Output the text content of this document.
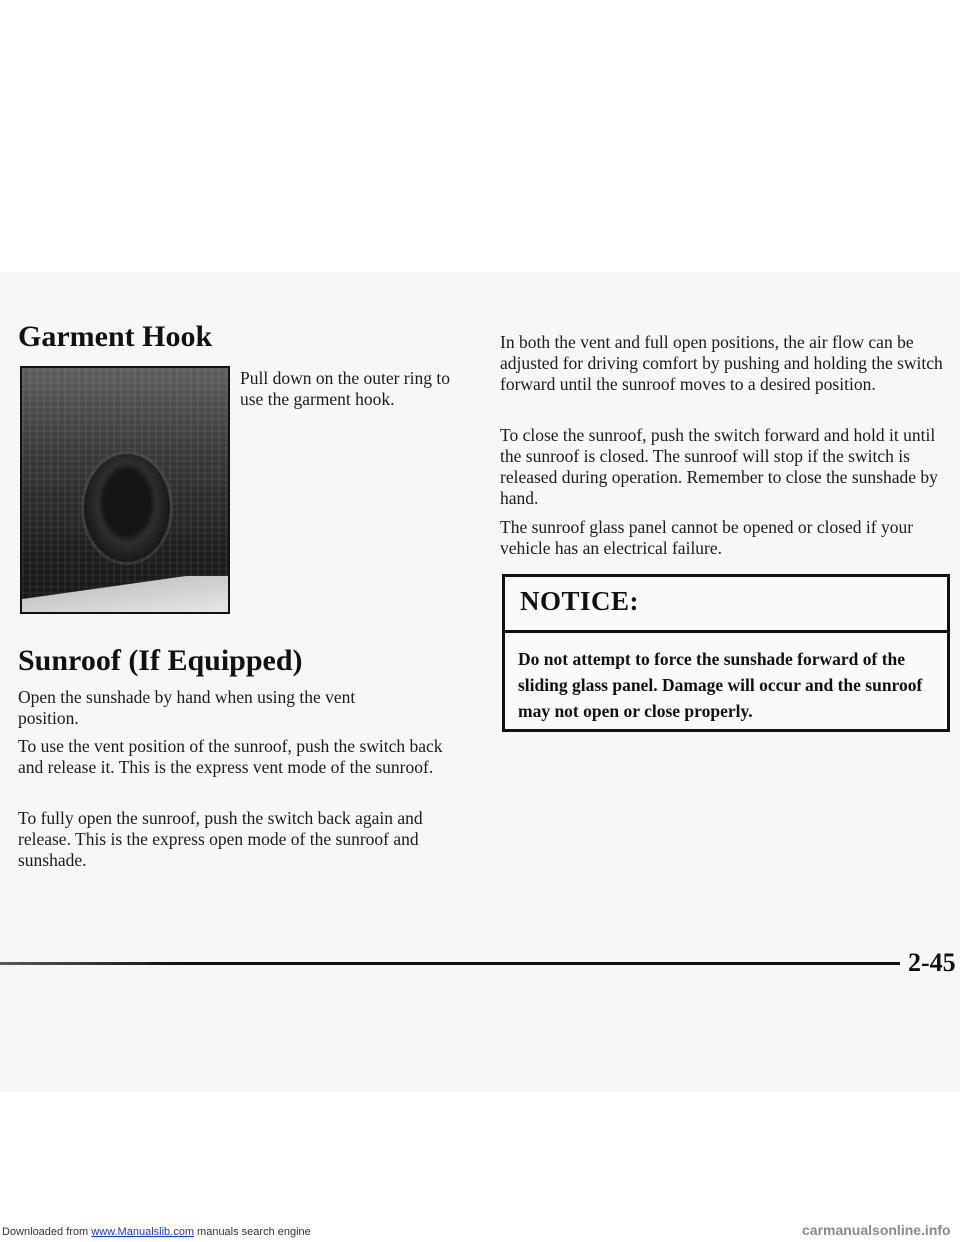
Garment Hook

Pull down on the outer ring to use the garment hook.

Sunroof (If Equipped)

Open the sunshade by hand when using the vent position.

To use the vent position of the sunroof, push the switch back and release it. This is the express vent mode of the sunroof.

To fully open the sunroof, push the switch back again and release. This is the express open mode of the sunroof and sunshade.

In both the vent and full open positions, the air flow can be adjusted for driving comfort by pushing and holding the switch forward until the sunroof moves to a desired position.

To close the sunroof, push the switch forward and hold it until the sunroof is closed. The sunroof will stop if the switch is released during operation. Remember to close the sunshade by hand.

The sunroof glass panel cannot be opened or closed if your vehicle has an electrical failure.

NOTICE:

Do not attempt to force the sunshade forward of the sliding glass panel. Damage will occur and the sunroof may not open or close properly.

2-45
Downloaded from www.Manualslib.com manuals search engine	carmanualsonline.info
